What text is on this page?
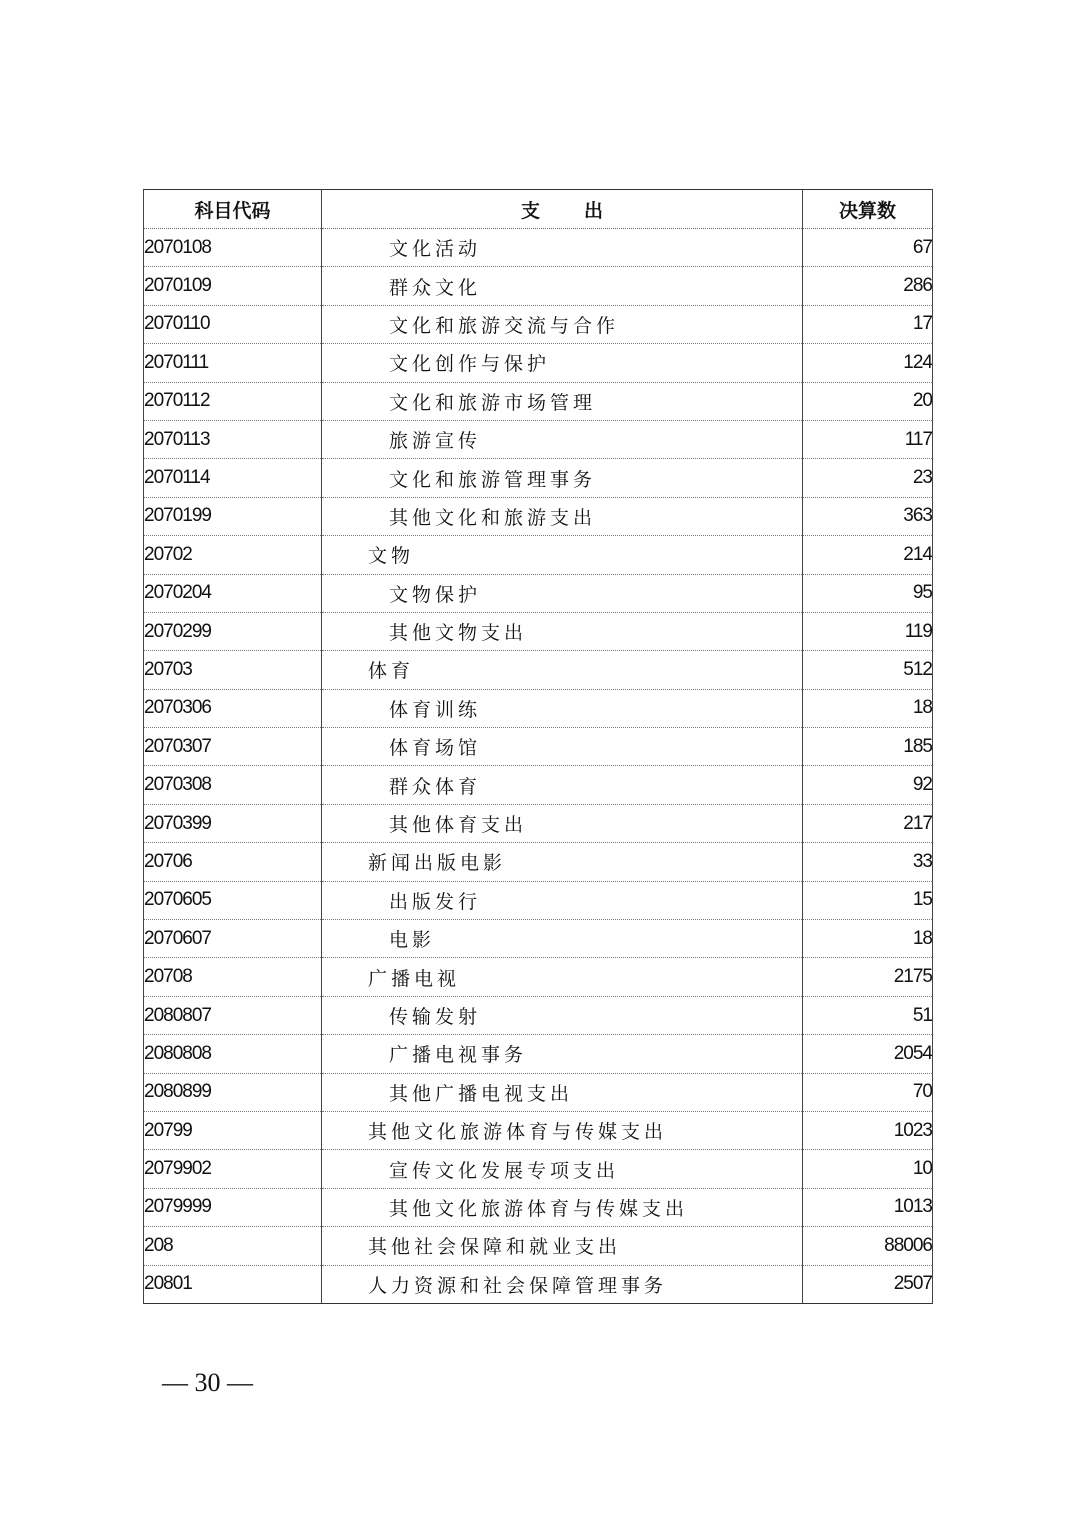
科目代码	支出	决算数
2070108	文化活动	67
2070109	群众文化	286
2070110	文化和旅游交流与合作	17
2070111	文化创作与保护	124
2070112	文化和旅游市场管理	20
2070113	旅游宣传	117
2070114	文化和旅游管理事务	23
2070199	其他文化和旅游支出	363
20702	文物	214
2070204	文物保护	95
2070299	其他文物支出	119
20703	体育	512
2070306	体育训练	18
2070307	体育场馆	185
2070308	群众体育	92
2070399	其他体育支出	217
20706	新闻出版电影	33
2070605	出版发行	15
2070607	电影	18
20708	广播电视	2175
2080807	传输发射	51
2080808	广播电视事务	2054
2080899	其他广播电视支出	70
20799	其他文化旅游体育与传媒支出	1023
2079902	宣传文化发展专项支出	10
2079999	其他文化旅游体育与传媒支出	1013
208	其他社会保障和就业支出	88006
20801	人力资源和社会保障管理事务	2507
— 30 —
